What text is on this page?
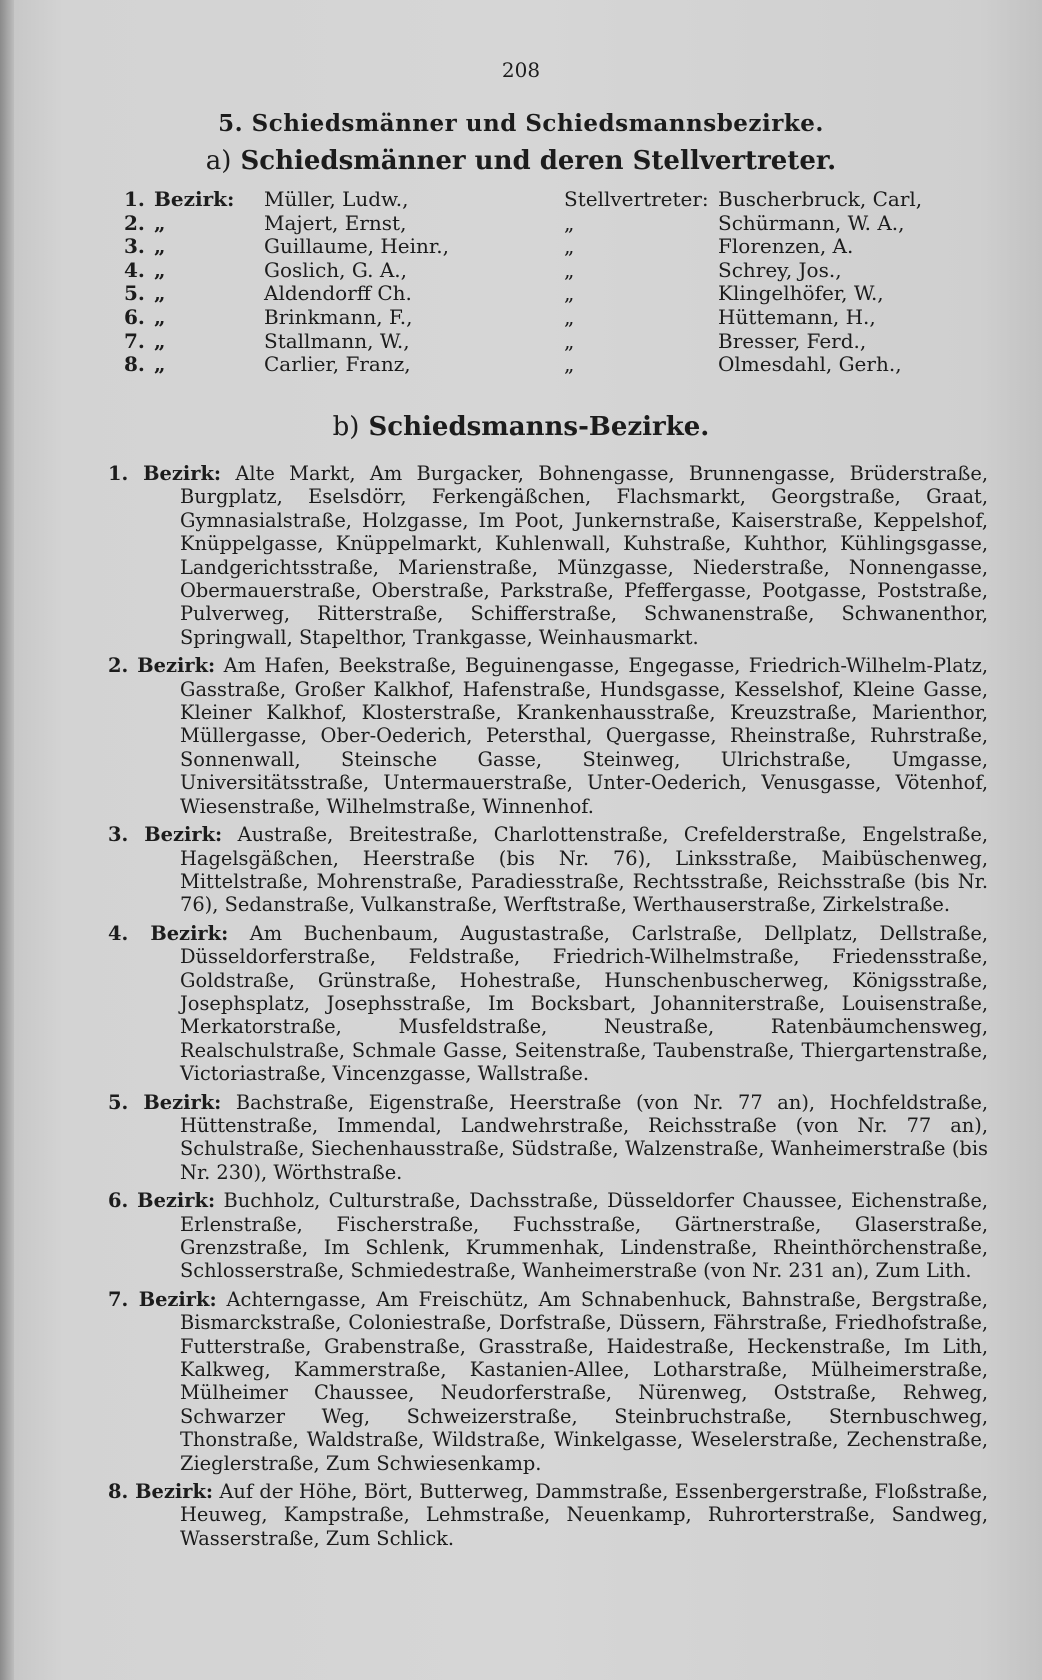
208
5. Schiedsmänner und Schiedsmannsbezirke.
a) Schiedsmänner und deren Stellvertreter.
1. Bezirk:	Müller, Ludw.,	Stellvertreter: Buscherbruck, Carl,
2. „	Majert, Ernst,	„	Schürmann, W. A.,
3. „	Guillaume, Heinr.,	„	Florenzen, A.
4. „	Goslich, G. A.,	„	Schrey, Jos.,
5. „	Aldendorff Ch.	„	Klingelhöfer, W.,
6. „	Brinkmann, F.,	„	Hüttemann, H.,
7. „	Stallmann, W.,	„	Bresser, Ferd.,
8. „	Carlier, Franz,	„	Olmesdahl, Gerh.,
b) Schiedsmanns-Bezirke.

1. Bezirk: Alte Markt, Am Burgacker, Bohnengasse, Brunnengasse, Brüderstraße, Burgplatz, Eselsdörr, Ferkengäßchen, Flachsmarkt, Georgstraße, Graat, Gymnasialstraße, Holzgasse, Im Poot, Junkernstraße, Kaiserstraße, Keppelshof, Knüppelgasse, Knüppelmarkt, Kuhlenwall, Kuhstraße, Kuhthor, Kühlingsgasse, Landgerichtsstraße, Marienstraße, Münzgasse, Niederstraße, Nonnengasse, Obermauerstraße, Oberstraße, Parkstraße, Pfeffergasse, Pootgasse, Poststraße, Pulverweg, Ritterstraße, Schifferstraße, Schwanenstraße, Schwanenthor, Springwall, Stapelthor, Trankgasse, Weinhausmarkt.

2. Bezirk: Am Hafen, Beekstraße, Beguinengasse, Engegasse, Friedrich-Wilhelm-Platz, Gasstraße, Großer Kalkhof, Hafenstraße, Hundsgasse, Kesselshof, Kleine Gasse, Kleiner Kalkhof, Klosterstraße, Krankenhausstraße, Kreuzstraße, Marienthor, Müllergasse, Ober-Oederich, Petersthal, Quergasse, Rheinstraße, Ruhrstraße, Sonnenwall, Steinsche Gasse, Steinweg, Ulrichstraße, Umgasse, Universitätsstraße, Untermauerstraße, Unter-Oederich, Venusgasse, Vötenhof, Wiesenstraße, Wilhelmstraße, Winnenhof.

3. Bezirk: Austraße, Breitestraße, Charlottenstraße, Crefelderstraße, Engelstraße, Hagelsgäßchen, Heerstraße (bis Nr. 76), Linksstraße, Maibüschenweg, Mittelstraße, Mohrenstraße, Paradiesstraße, Rechtsstraße, Reichsstraße (bis Nr. 76), Sedanstraße, Vulkanstraße, Werftstraße, Werthauserstraße, Zirkelstraße.

4. Bezirk: Am Buchenbaum, Augustastraße, Carlstraße, Dellplatz, Dellstraße, Düsseldorferstraße, Feldstraße, Friedrich-Wilhelmstraße, Friedensstraße, Goldstraße, Grünstraße, Hohestraße, Hunschenbuscherweg, Königsstraße, Josephsplatz, Josephsstraße, Im Bocksbart, Johanniterstraße, Louisenstraße, Merkatorstraße, Musfeldstraße, Neustraße, Ratenbäumchensweg, Realschulstraße, Schmale Gasse, Seitenstraße, Taubenstraße, Thiergartenstraße, Victoriastraße, Vincenzgasse, Wallstraße.

5. Bezirk: Bachstraße, Eigenstraße, Heerstraße (von Nr. 77 an), Hochfeldstraße, Hüttenstraße, Immendal, Landwehrstraße, Reichsstraße (von Nr. 77 an), Schulstraße, Siechenhausstraße, Südstraße, Walzenstraße, Wanheimerstraße (bis Nr. 230), Wörthstraße.

6. Bezirk: Buchholz, Culturstraße, Dachsstraße, Düsseldorfer Chaussee, Eichenstraße, Erlenstraße, Fischerstraße, Fuchsstraße, Gärtnerstraße, Glaserstraße, Grenzstraße, Im Schlenk, Krummenhak, Lindenstraße, Rheinthörchenstraße, Schlosserstraße, Schmiedestraße, Wanheimerstraße (von Nr. 231 an), Zum Lith.

7. Bezirk: Achterngasse, Am Freischütz, Am Schnabenhuck, Bahnstraße, Bergstraße, Bismarckstraße, Coloniestraße, Dorfstraße, Düssern, Fährstraße, Friedhofstraße, Futterstraße, Grabenstraße, Grasstraße, Haidestraße, Heckenstraße, Im Lith, Kalkweg, Kammerstraße, Kastanien-Allee, Lotharstraße, Mülheimerstraße, Mülheimer Chaussee, Neudorferstraße, Nürenweg, Oststraße, Rehweg, Schwarzer Weg, Schweizerstraße, Steinbruchstraße, Sternbuschweg, Thonstraße, Waldstraße, Wildstraße, Winkelgasse, Weselerstraße, Zechenstraße, Zieglerstraße, Zum Schwiesenkamp.

8. Bezirk: Auf der Höhe, Bört, Butterweg, Dammstraße, Essenbergerstraße, Floßstraße, Heuweg, Kampstraße, Lehmstraße, Neuenkamp, Ruhrorterstraße, Sandweg, Wasserstraße, Zum Schlick.
